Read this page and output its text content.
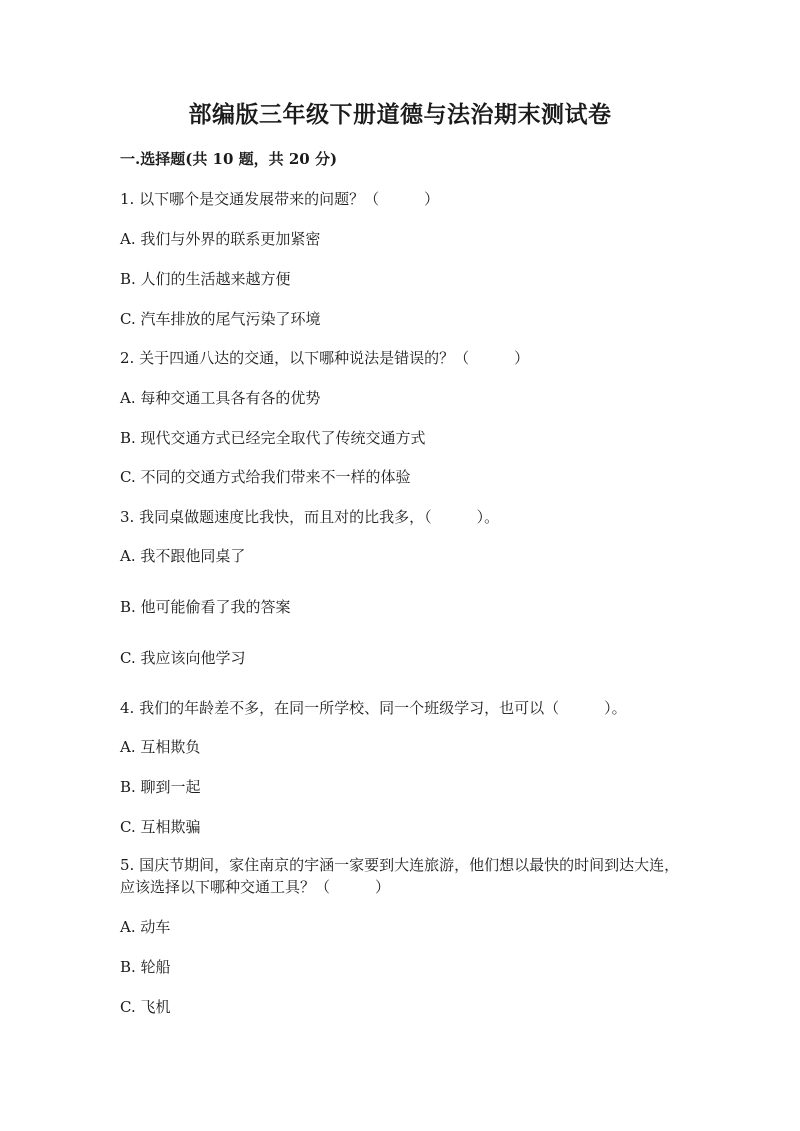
部编版三年级下册道德与法治期末测试卷
一.选择题(共 10 题，共 20 分)
1. 以下哪个是交通发展带来的问题？（　　　）
A. 我们与外界的联系更加紧密
B. 人们的生活越来越方便
C. 汽车排放的尾气污染了环境
2. 关于四通八达的交通，以下哪种说法是错误的？（　　　）
A. 每种交通工具各有各的优势
B. 现代交通方式已经完全取代了传统交通方式
C. 不同的交通方式给我们带来不一样的体验
3. 我同桌做题速度比我快，而且对的比我多，（　　　）。
A. 我不跟他同桌了
B. 他可能偷看了我的答案
C. 我应该向他学习
4. 我们的年龄差不多，在同一所学校、同一个班级学习，也可以（　　　）。
A. 互相欺负
B. 聊到一起
C. 互相欺骗
5. 国庆节期间，家住南京的宇涵一家要到大连旅游，他们想以最快的时间到达大连，应该选择以下哪种交通工具？（　　　）
A. 动车
B. 轮船
C. 飞机
